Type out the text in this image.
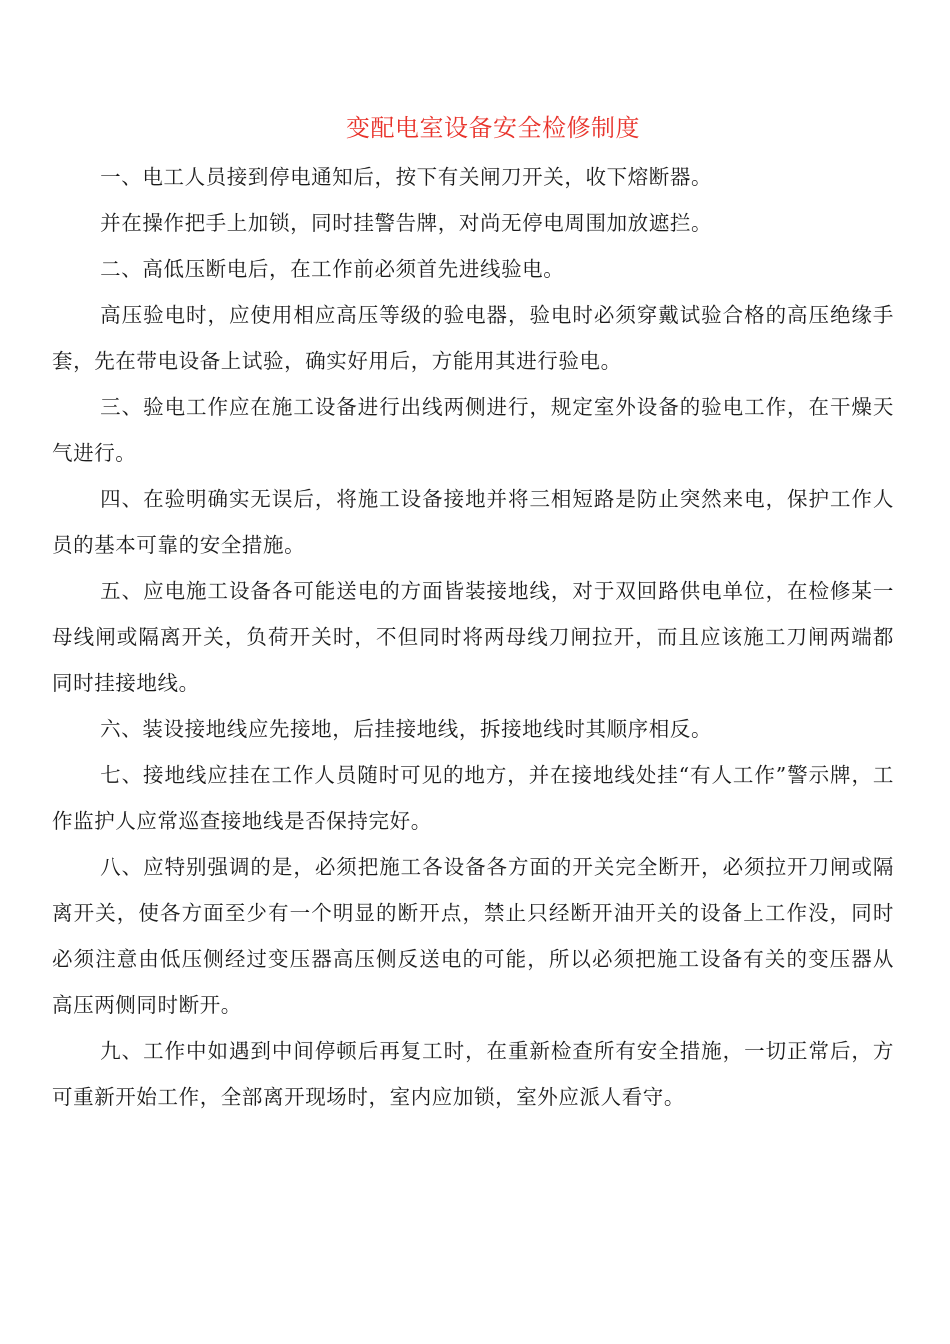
变配电室设备安全检修制度

一、电工人员接到停电通知后，按下有关闸刀开关，收下熔断器。

并在操作把手上加锁，同时挂警告牌，对尚无停电周围加放遮拦。

二、高低压断电后，在工作前必须首先进线验电。

高压验电时，应使用相应高压等级的验电器，验电时必须穿戴试验合格的高压绝缘手套，先在带电设备上试验，确实好用后，方能用其进行验电。

三、验电工作应在施工设备进行出线两侧进行，规定室外设备的验电工作，在干燥天气进行。

四、在验明确实无误后，将施工设备接地并将三相短路是防止突然来电，保护工作人员的基本可靠的安全措施。

五、应电施工设备各可能送电的方面皆装接地线，对于双回路供电单位，在检修某一母线闸或隔离开关，负荷开关时，不但同时将两母线刀闸拉开，而且应该施工刀闸两端都同时挂接地线。

六、装设接地线应先接地，后挂接地线，拆接地线时其顺序相反。

七、接地线应挂在工作人员随时可见的地方，并在接地线处挂“有人工作”警示牌，工作监护人应常巡查接地线是否保持完好。

八、应特别强调的是，必须把施工各设备各方面的开关完全断开，必须拉开刀闸或隔离开关，使各方面至少有一个明显的断开点，禁止只经断开油开关的设备上工作没，同时必须注意由低压侧经过变压器高压侧反送电的可能，所以必须把施工设备有关的变压器从高压两侧同时断开。

九、工作中如遇到中间停顿后再复工时，在重新检查所有安全措施，一切正常后，方可重新开始工作，全部离开现场时，室内应加锁，室外应派人看守。
